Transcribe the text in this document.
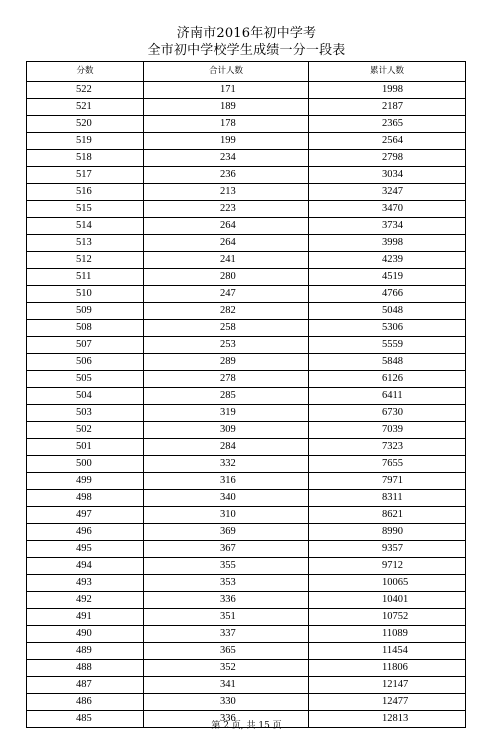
济南市2016年初中学考
全市初中学校学生成绩一分一段表
分数	合计人数	累计人数
522	171	1998
521	189	2187
520	178	2365
519	199	2564
518	234	2798
517	236	3034
516	213	3247
515	223	3470
514	264	3734
513	264	3998
512	241	4239
511	280	4519
510	247	4766
509	282	5048
508	258	5306
507	253	5559
506	289	5848
505	278	6126
504	285	6411
503	319	6730
502	309	7039
501	284	7323
500	332	7655
499	316	7971
498	340	8311
497	310	8621
496	369	8990
495	367	9357
494	355	9712
493	353	10065
492	336	10401
491	351	10752
490	337	11089
489	365	11454
488	352	11806
487	341	12147
486	330	12477
485	336	12813
第 2 页, 共 15 页
